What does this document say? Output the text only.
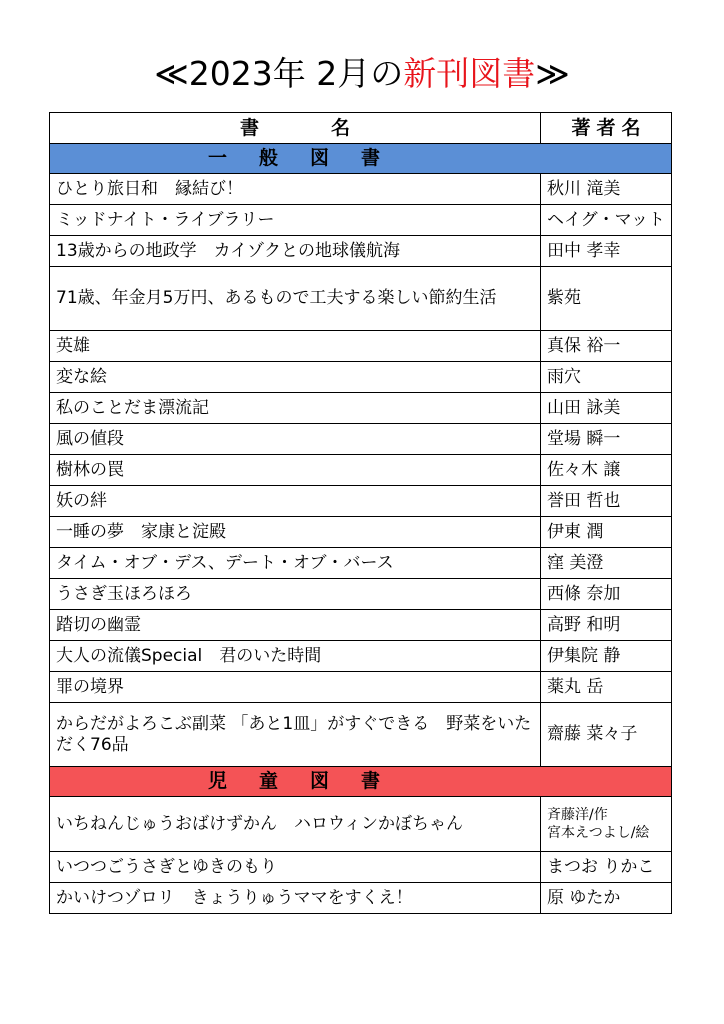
≪2023年 2月の新刊図書≫
書名	著者名
一般図書	
ひとり旅日和　縁結び！	秋川 滝美
ミッドナイト・ライブラリー	ヘイグ・マット
13歳からの地政学　カイゾクとの地球儀航海	田中 孝幸
71歳、年金月5万円、あるもので工夫する楽しい節約生活	紫苑
英雄	真保 裕一
変な絵	雨穴
私のことだま漂流記	山田 詠美
風の値段	堂場 瞬一
樹林の罠	佐々木 譲
妖の絆	誉田 哲也
一睡の夢　家康と淀殿	伊東 潤
タイム・オブ・デス、デート・オブ・バース	窪 美澄
うさぎ玉ほろほろ	西條 奈加
踏切の幽霊	高野 和明
大人の流儀Special　君のいた時間	伊集院 静
罪の境界	薬丸 岳
からだがよろこぶ副菜 「あと1皿」がすぐできる　野菜をいただく76品	齋藤 菜々子
児童図書	
いちねんじゅうおばけずかん　ハロウィンかぼちゃん	斉藤洋/作
宮本えつよし/絵

いつつごうさぎとゆきのもり	まつお りかこ
かいけつゾロリ　きょうりゅうママをすくえ！	原 ゆたか
